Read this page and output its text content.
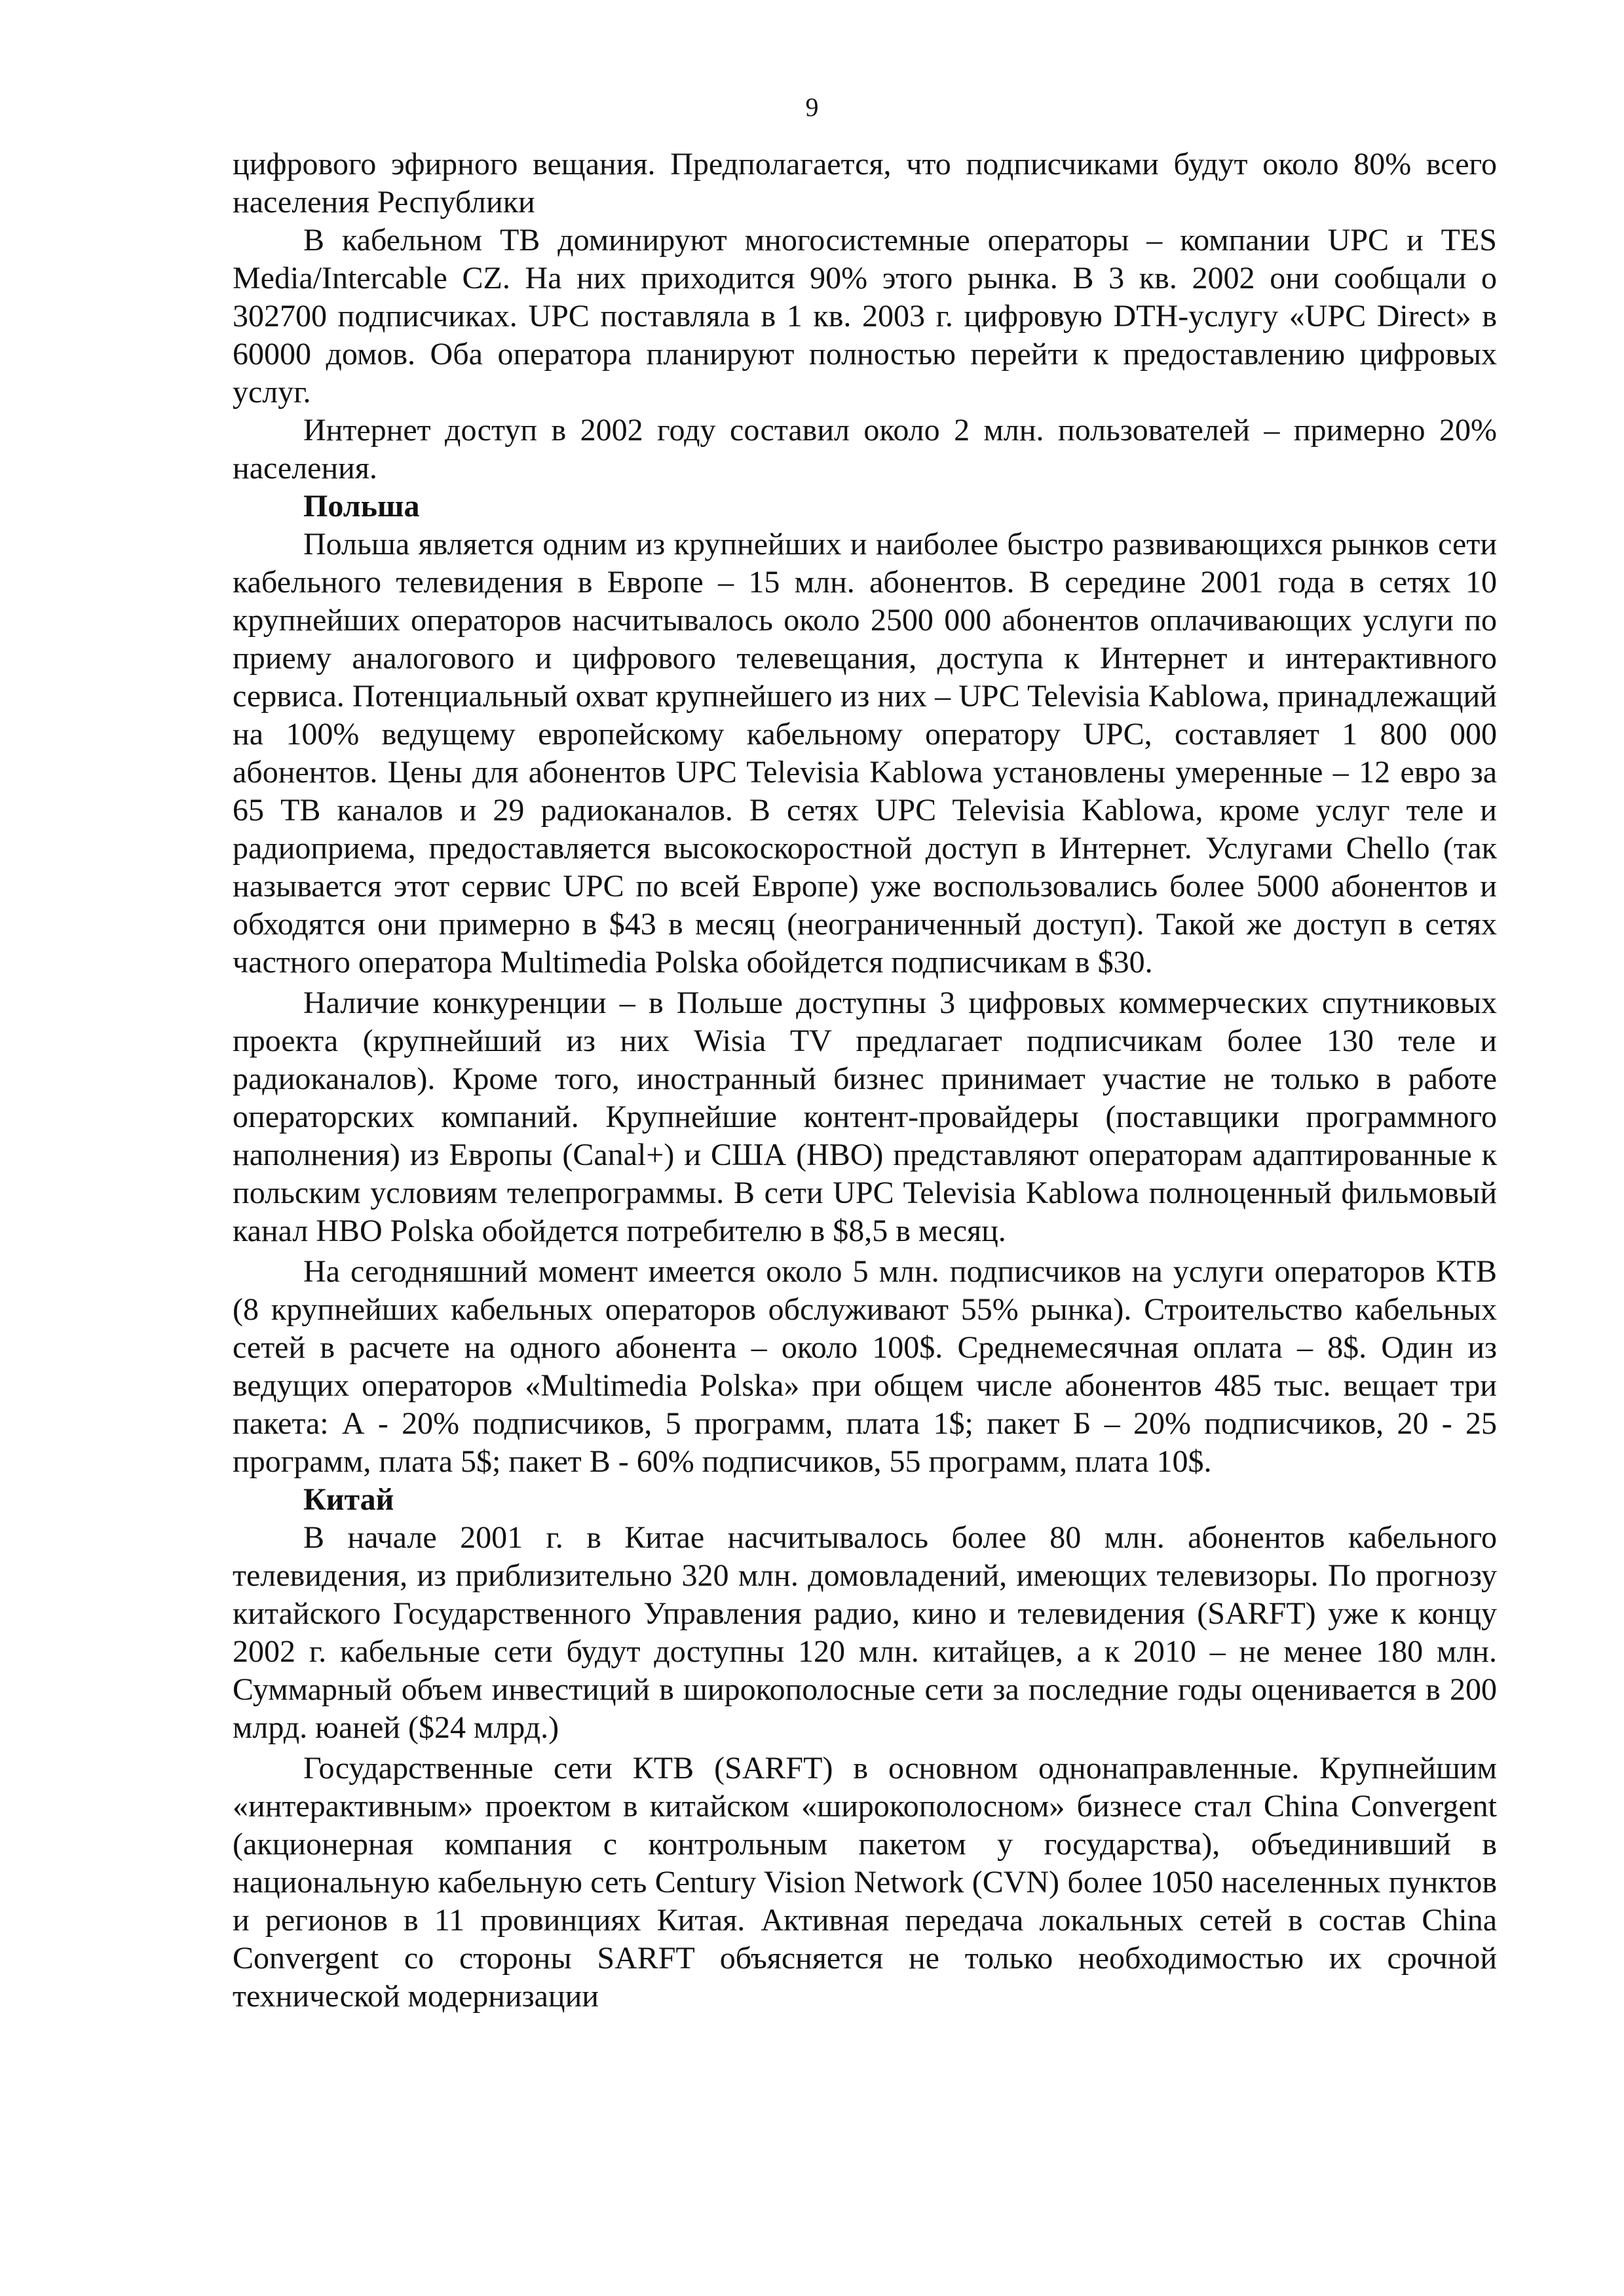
9

цифрового эфирного вещания. Предполагается, что подписчиками будут около 80% всего населения Республики

В кабельном ТВ доминируют многосистемные операторы – компании UPC и TES Media/Intercable CZ. На них приходится 90% этого рынка. В 3 кв. 2002 они сообщали о 302700 подписчиках. UPC поставляла в 1 кв. 2003 г. цифровую DTH-услугу «UPC Direct» в 60000 домов. Оба оператора планируют полностью перейти к предоставлению цифровых услуг.

Интернет доступ в 2002 году составил около 2 млн. пользователей – примерно 20% населения.

Польша

Польша является одним из крупнейших и наиболее быстро развивающихся рынков сети кабельного телевидения в Европе – 15 млн. абонентов. В середине 2001 года в сетях 10 крупнейших операторов насчитывалось около 2500 000 абонентов оплачивающих услуги по приему аналогового и цифрового телевещания, доступа к Интернет и интерактивного сервиса. Потенциальный охват крупнейшего из них – UPC Televisia Kablowa, принадлежащий на 100% ведущему европейскому кабельному оператору UPC, составляет 1 800 000 абонентов. Цены для абонентов UPC Televisia Kablowa установлены умеренные – 12 евро за 65 ТВ каналов и 29 радиоканалов. В сетях UPC Televisia Kablowa, кроме услуг теле и радиоприема, предоставляется высокоскоростной доступ в Интернет. Услугами Chello (так называется этот сервис UPC по всей Европе) уже воспользовались более 5000 абонентов и обходятся они примерно в $43 в месяц (неограниченный доступ). Такой же доступ в сетях частного оператора Multimedia Polska обойдется подписчикам в $30.

Наличие конкуренции – в Польше доступны 3 цифровых коммерческих спутниковых проекта (крупнейший из них Wisia TV предлагает подписчикам более 130 теле и радиоканалов). Кроме того, иностранный бизнес принимает участие не только в работе операторских компаний. Крупнейшие контент-провайдеры (поставщики программного наполнения) из Европы (Canal+) и США (HBO) представляют операторам адаптированные к польским условиям телепрограммы. В сети UPC Televisia Kablowa полноценный фильмовый канал HBO Polska обойдется потребителю в $8,5 в месяц.

На сегодняшний момент имеется около 5 млн. подписчиков на услуги операторов КТВ (8 крупнейших кабельных операторов обслуживают 55% рынка). Строительство кабельных сетей в расчете на одного абонента – около 100$. Среднемесячная оплата – 8$. Один из ведущих операторов «Multimedia Polska» при общем числе абонентов 485 тыс. вещает три пакета: А - 20% подписчиков, 5 программ, плата 1$; пакет Б – 20% подписчиков, 20 - 25 программ, плата 5$; пакет В - 60% подписчиков, 55 программ, плата 10$.

Китай

В начале 2001 г. в Китае насчитывалось более 80 млн. абонентов кабельного телевидения, из приблизительно 320 млн. домовладений, имеющих телевизоры. По прогнозу китайского Государственного Управления радио, кино и телевидения (SARFT) уже к концу 2002 г. кабельные сети будут доступны 120 млн. китайцев, а к 2010 – не менее 180 млн. Суммарный объем инвестиций в широкополосные сети за последние годы оценивается в 200 млрд. юаней ($24 млрд.)

Государственные сети КТВ (SARFT) в основном однонаправленные. Крупнейшим «интерактивным» проектом в китайском «широкополосном» бизнесе стал China Convergent (акционерная компания с контрольным пакетом у государства), объединивший в национальную кабельную сеть Century Vision Network (CVN) более 1050 населенных пунктов и регионов в 11 провинциях Китая. Активная передача локальных сетей в состав China Convergent со стороны SARFT объясняется не только необходимостью их срочной технической модернизации
